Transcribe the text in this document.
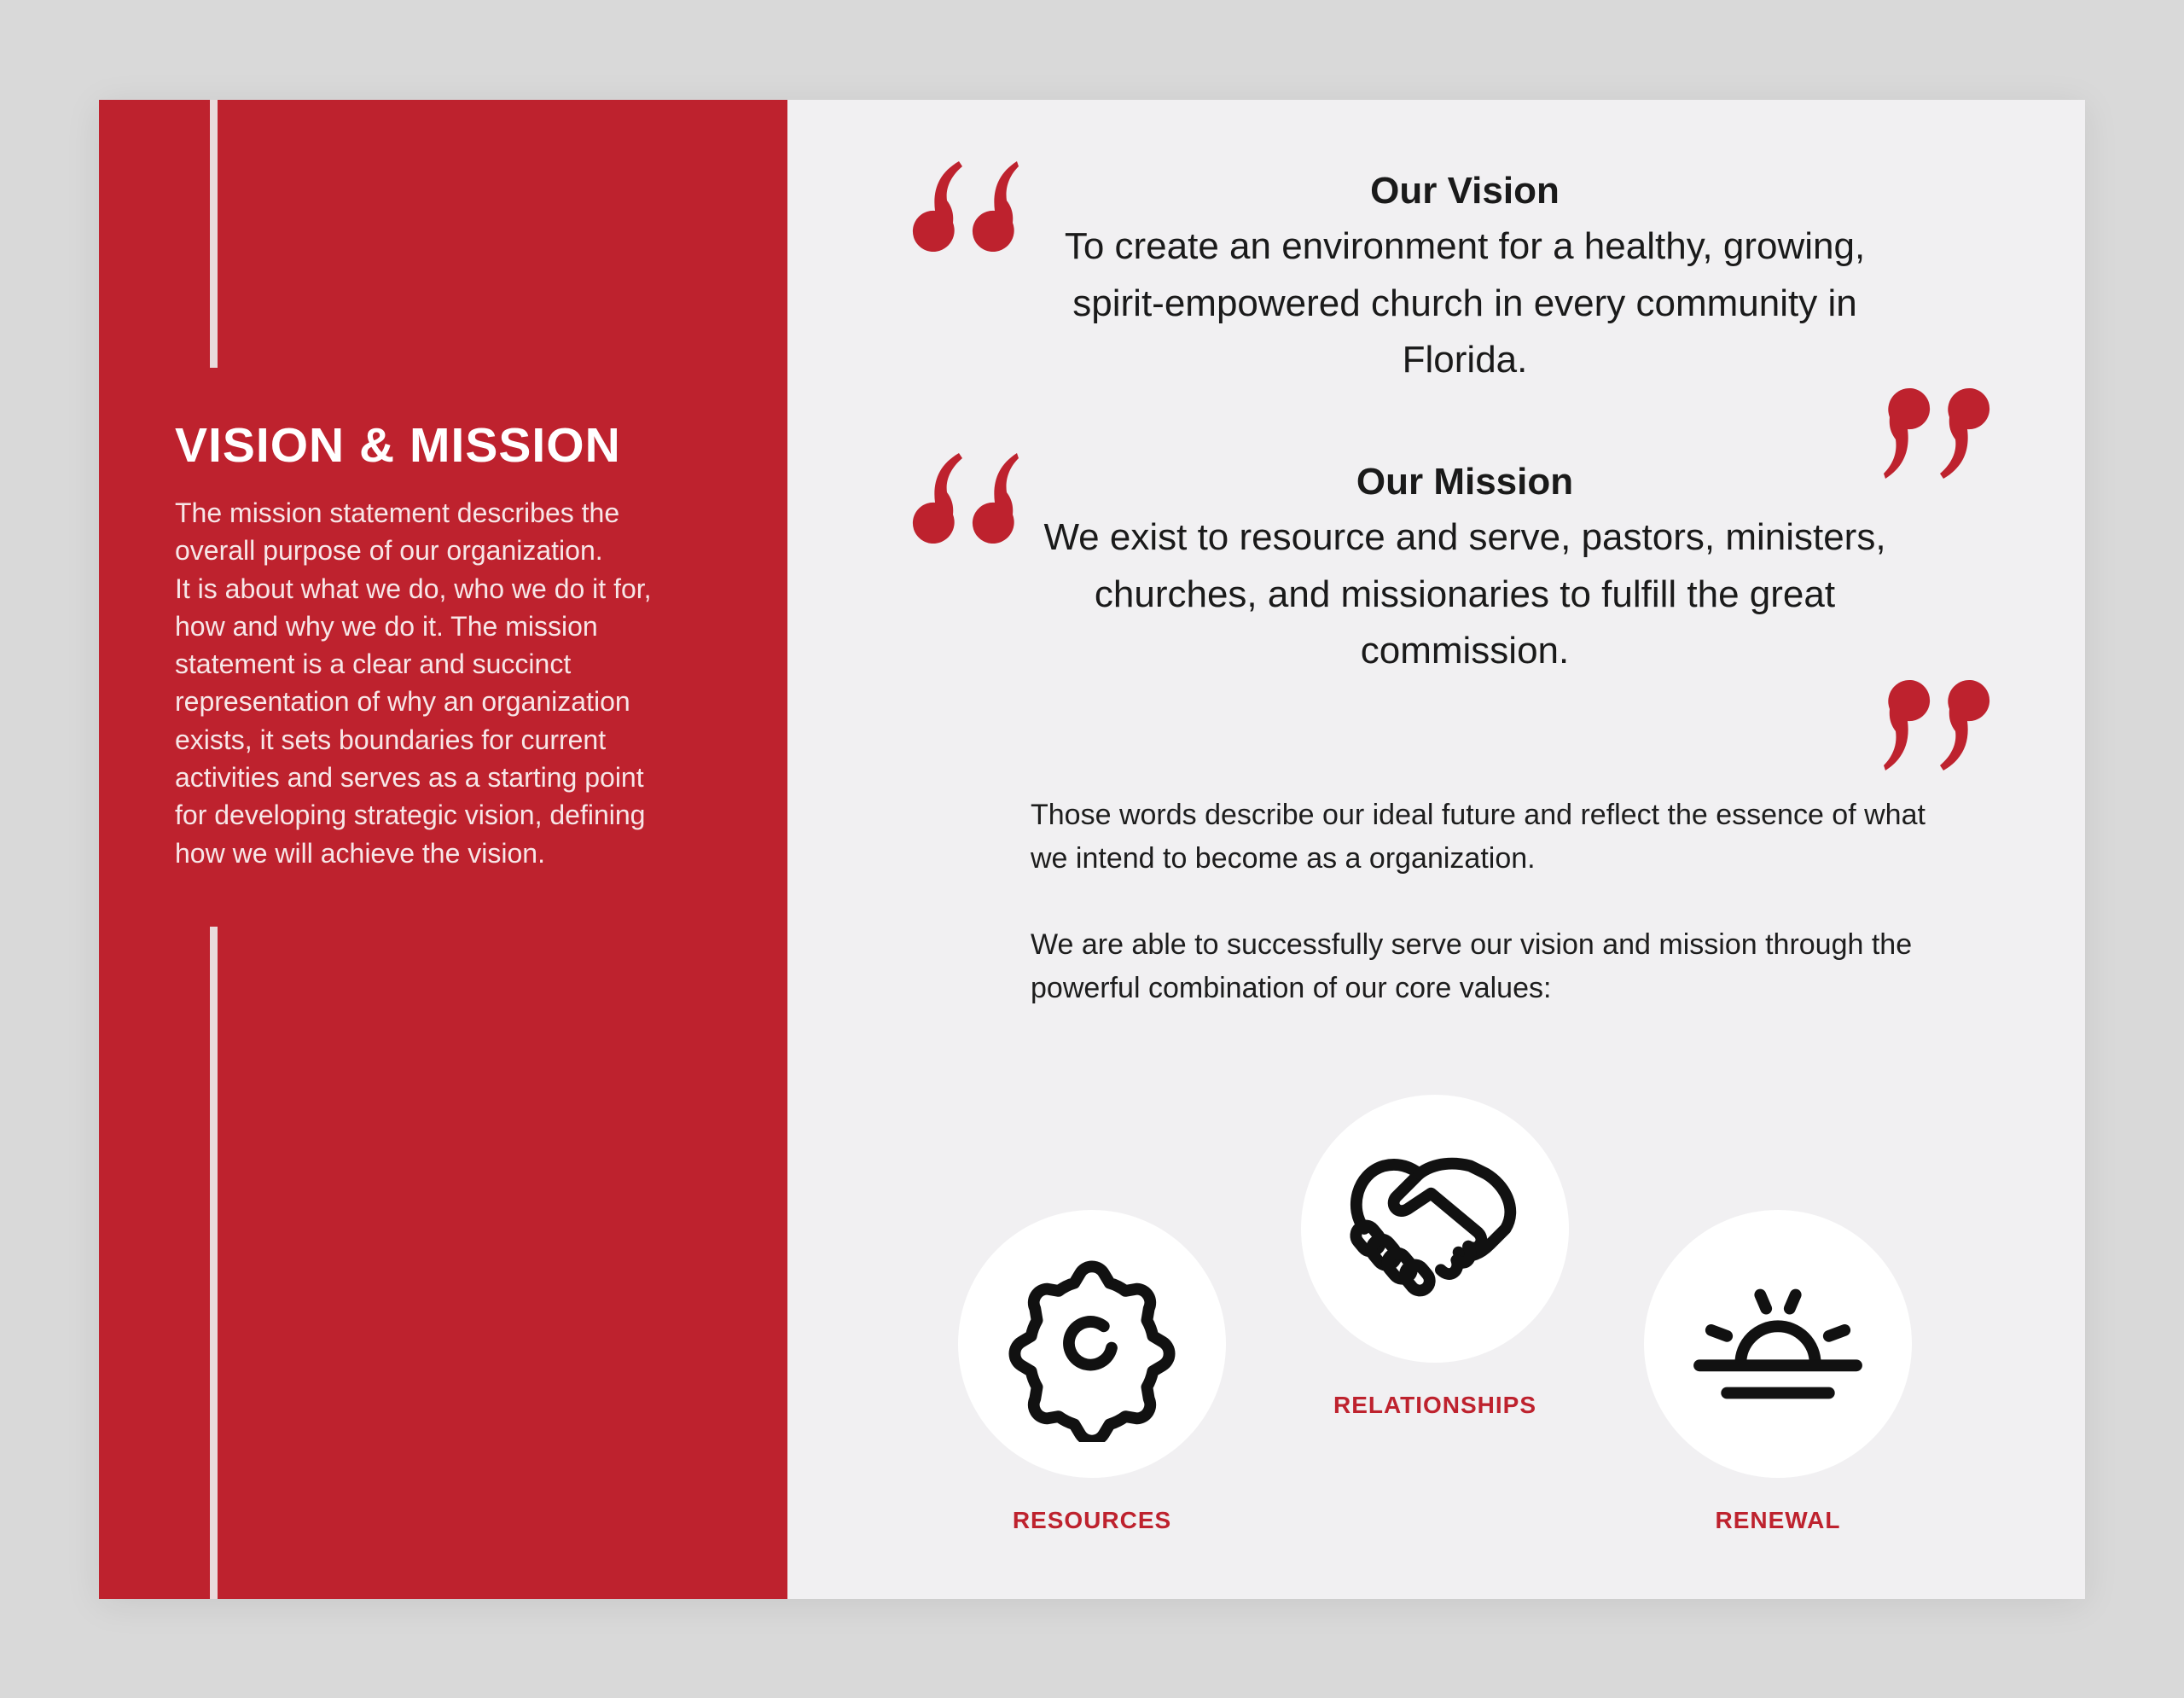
VISION & MISSION

The mission statement describes the
overall purpose of our organization.
It is about what we do, who we do it for,
how and why we do it. The mission
statement is a clear and succinct
representation of why an organization
exists, it sets boundaries for current
activities and serves as a starting point
for developing strategic vision, defining
how we will achieve the vision.

Our Vision

To create an environment for a healthy, growing, spirit-empowered church in every community in Florida.

Our Mission

We exist to resource and serve, pastors, ministers, churches, and missionaries to fulfill the great commission.

Those words describe our ideal future and reflect the essence of what we intend to become as a organization.

We are able to successfully serve our vision and mission through the powerful combination of our core values:

RESOURCES
RELATIONSHIPS
RENEWAL
